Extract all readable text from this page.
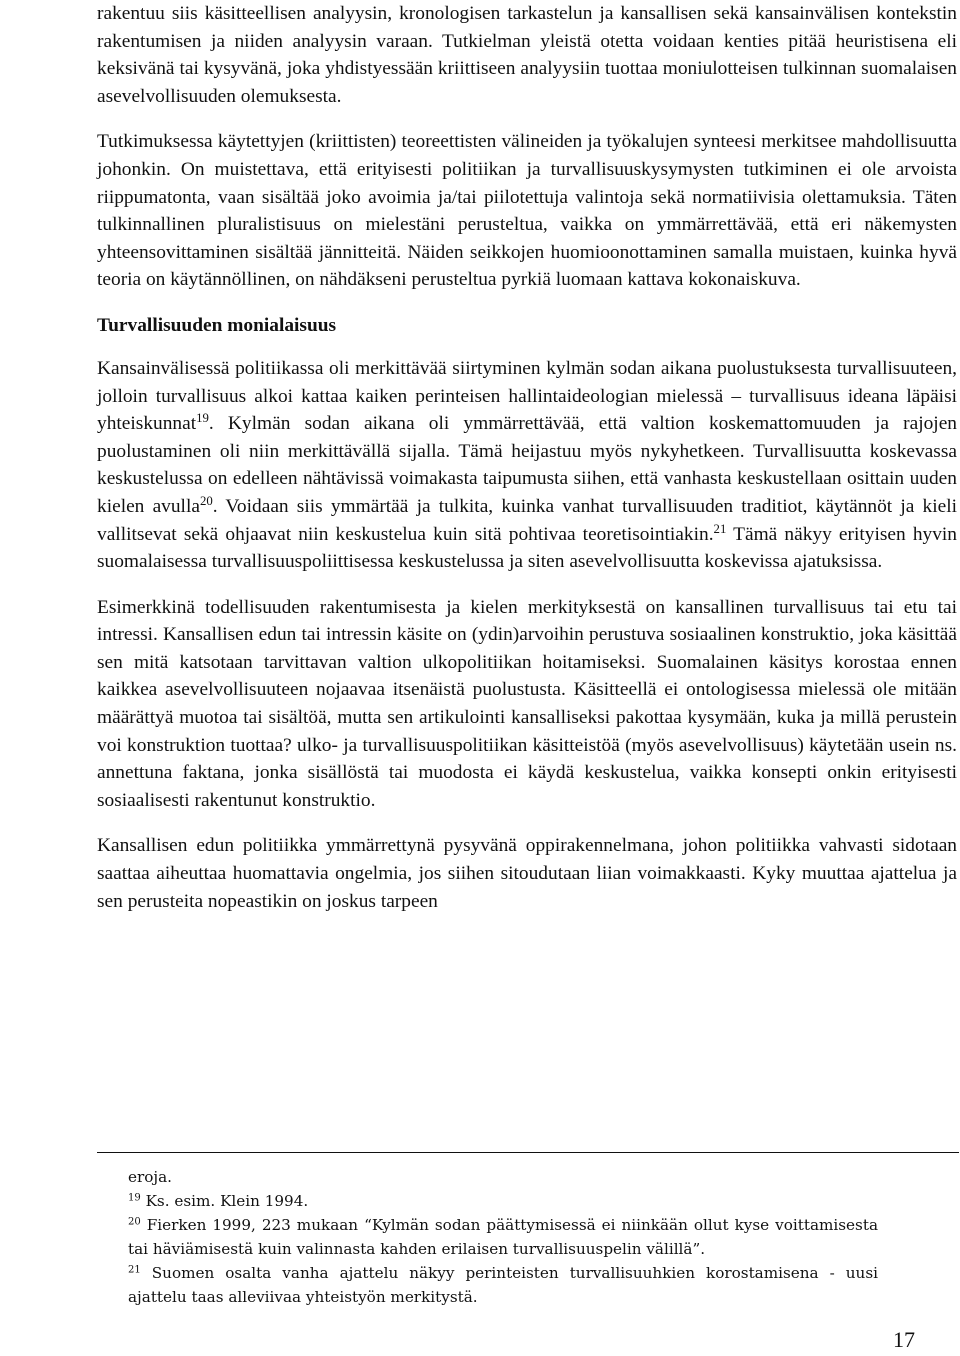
rakentuu siis käsitteellisen analyysin, kronologisen tarkastelun ja kansallisen sekä kansainvälisen kontekstin rakentumisen ja niiden analyysin varaan. Tutkielman yleistä otetta voidaan kenties pitää heuristisena eli keksivänä tai kysyvänä, joka yhdistyessään kriittiseen analyysiin tuottaa moniulotteisen tulkinnan suomalaisen asevelvollisuuden olemuksesta.

Tutkimuksessa käytettyjen (kriittisten) teoreettisten välineiden ja työkalujen synteesi merkitsee mahdollisuutta johonkin. On muistettava, että erityisesti politiikan ja turvallisuuskysymysten tutkiminen ei ole arvoista riippumatonta, vaan sisältää joko avoimia ja/tai piilotettuja valintoja sekä normatiivisia olettamuksia. Täten tulkinnallinen pluralistisuus on mielestäni perusteltua, vaikka on ymmärrettävää, että eri näkemysten yhteensovittaminen sisältää jännitteitä. Näiden seikkojen huomioonottaminen samalla muistaen, kuinka hyvä teoria on käytännöllinen, on nähdäkseni perusteltua pyrkiä luomaan kattava kokonaiskuva.

Turvallisuuden monialaisuus

Kansainvälisessä politiikassa oli merkittävää siirtyminen kylmän sodan aikana puolustuksesta turvallisuuteen, jolloin turvallisuus alkoi kattaa kaiken perinteisen hallintaideologian mielessä – turvallisuus ideana läpäisi yhteiskunnat$^{19}$. Kylmän sodan aikana oli ymmärrettävää, että valtion koskemattomuuden ja rajojen puolustaminen oli niin merkittävällä sijalla. Tämä heijastuu myös nykyhetkeen. Turvallisuutta koskevassa keskustelussa on edelleen nähtävissä voimakasta taipumusta siihen, että vanhasta keskustellaan osittain uuden kielen avulla$^{20}$. Voidaan siis ymmärtää ja tulkita, kuinka vanhat turvallisuuden traditiot, käytännöt ja kieli vallitsevat sekä ohjaavat niin keskustelua kuin sitä pohtivaa teoretisointiakin.$^{21}$ Tämä näkyy erityisen hyvin suomalaisessa turvallisuuspoliittisessa keskustelussa ja siten asevelvollisuutta koskevissa ajatuksissa.

Esimerkkinä todellisuuden rakentumisesta ja kielen merkityksestä on kansallinen turvallisuus tai etu tai intressi. Kansallisen edun tai intressin käsite on (ydin)arvoihin perustuva sosiaalinen konstruktio, joka käsittää sen mitä katsotaan tarvittavan valtion ulkopolitiikan hoitamiseksi. Suomalainen käsitys korostaa ennen kaikkea asevelvollisuuteen nojaavaa itsenäistä puolustusta. Käsitteellä ei ontologisessa mielessä ole mitään määrättyä muotoa tai sisältöä, mutta sen artikulointi kansalliseksi pakottaa kysymään, kuka ja millä perustein voi konstruktion tuottaa? ulko- ja turvallisuuspolitiikan käsitteistöä (myös asevelvollisuus) käytetään usein ns. annettuna faktana, jonka sisällöstä tai muodosta ei käydä keskustelua, vaikka konsepti onkin erityisesti sosiaalisesti rakentunut konstruktio.

Kansallisen edun politiikka ymmärrettynä pysyvänä oppirakennelmana, johon politiikka vahvasti sidotaan saattaa aiheuttaa huomattavia ongelmia, jos siihen sitoudutaan liian voimakkaasti. Kyky muuttaa ajattelua ja sen perusteita nopeastikin on joskus tarpeen

eroja.

$^{19}$ Ks. esim. Klein 1994.

$^{20}$ Fierken 1999, 223 mukaan “Kylmän sodan päättymisessä ei niinkään ollut kyse voittamisesta tai häviämisestä kuin valinnasta kahden erilaisen turvallisuuspelin välillä”.

$^{21}$ Suomen osalta vanha ajattelu näkyy perinteisten turvallisuuhkien korostamisena - uusi ajattelu taas alleviivaa yhteistyön merkitystä.

17
